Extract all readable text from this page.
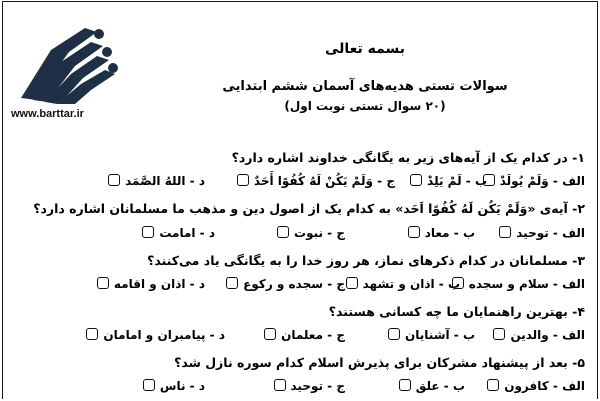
www.barttar.ir
بسمه تعالی
سوالات تستی هدیه‌های آسمان ششم ابتدایی
(۲۰ سوال تستی نوبت اول)
۱- در کدام یک از آیه‌های زیر به یگانگی خداوند اشاره دارد؟
الف - وَلَمْ یُولَدْ
ب - لَمْ یَلِدْ
ج - وَلَمْ یَکُنْ لَهُ کُفُوًا أَحَدٌ
د - اللهُ الصَّمَد
۲- آیه‌ی «وَلَمْ یَکُن لَهُ کُفُوًا اَحَد» به کدام یک از اصول دین و مذهب ما مسلمانان اشاره دارد؟
الف - توحید
ب - معاد
ج - نبوت
د - امامت
۳- مسلمانان در کدام ذکرهای نماز، هر روز خدا را به یگانگی یاد می‌کنند؟
الف - سلام و سجده
ب - اذان و تشهد
ج - سجده و رکوع
د - اذان و اقامه
۴- بهترین راهنمایان ما چه کسانی هستند؟
الف - والدین
ب - آشنایان
ج - معلمان
د - پیامبران و امامان
۵- بعد از پیشنهاد مشرکان برای پذیرش اسلام کدام سوره نازل شد؟
الف - کافرون
ب - علق
ج - توحید
د - ناس
